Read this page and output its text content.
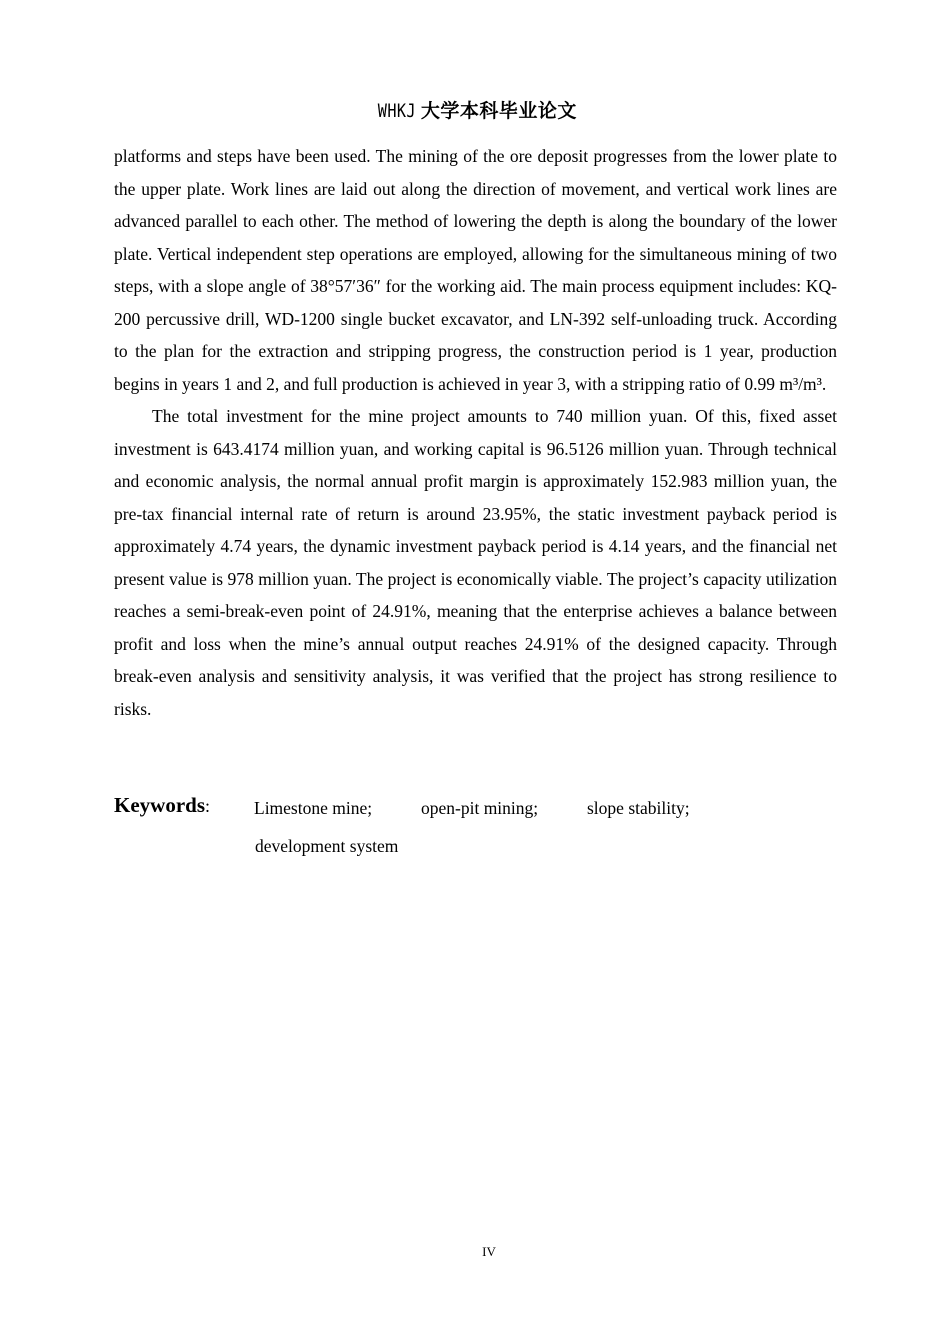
WHKJ 大学本科毕业论文

platforms and steps have been used. The mining of the ore deposit progresses from the lower plate to the upper plate. Work lines are laid out along the direction of movement, and vertical work lines are advanced parallel to each other. The method of lowering the depth is along the boundary of the lower plate. Vertical independent step operations are employed, allowing for the simultaneous mining of two steps, with a slope angle of 38°57′36″ for the working aid. The main process equipment includes: KQ-200 percussive drill, WD-1200 single bucket excavator, and LN-392 self-unloading truck. According to the plan for the extraction and stripping progress, the construction period is 1 year, production begins in years 1 and 2, and full production is achieved in year 3, with a stripping ratio of 0.99 m³/m³.

The total investment for the mine project amounts to 740 million yuan. Of this, fixed asset investment is 643.4174 million yuan, and working capital is 96.5126 million yuan. Through technical and economic analysis, the normal annual profit margin is approximately 152.983 million yuan, the pre-tax financial internal rate of return is around 23.95%, the static investment payback period is approximately 4.74 years, the dynamic investment payback period is 4.14 years, and the financial net present value is 978 million yuan. The project is economically viable. The project’s capacity utilization reaches a semi-break-even point of 24.91%, meaning that the enterprise achieves a balance between profit and loss when the mine’s annual output reaches 24.91% of the designed capacity. Through break-even analysis and sensitivity analysis, it was verified that the project has strong resilience to risks.

Keywords:	Limestone mine;	open-pit mining;	slope stability;
development system
IV
